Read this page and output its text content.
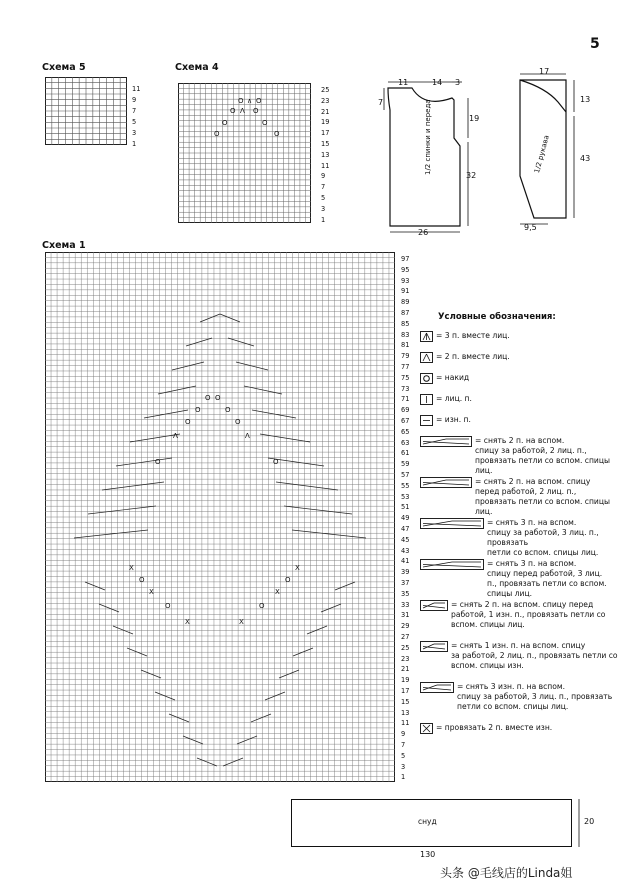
5
Схема 5
11
9
7
5
3
1
Схема 4
O ∧ O
O Λ O
O	O
O	O
25
23
21
19
17
15
13
11
9
7
5
3
1
11	14 3
7
19
32
26
1/2 спинки и переда
17
13
43
9,5
1/2 рукава
Схема 1
O O
O	O
O	O
Λ	Λ
O	O
X	X
O	O
X	X
O	O
X	X
97
95
93
91
89
87
85
83
81
79
77
75
73
71
69
67
65
63
61
59
57
55
53
51
49
47
45
43
41
39
37
35
33
31
29
27
25
23
21
19
17
15
13
11
9
7
5
3
1
Условные обозначения:
= 3 п. вместе лиц.
= 2 п. вместе лиц.
= накид
= лиц. п.
= изн. п.
= снять 2 п. на вспом.
спицу за работой, 2 лиц. п.,
провязать петли со вспом. спицы лиц.
= снять 2 п. на вспом. спицу
перед работой, 2 лиц. п.,
провязать петли со вспом. спицы лиц.
= снять 3 п. на вспом.
спицу за работой, 3 лиц. п., провязать
петли со вспом. спицы лиц.
= снять 3 п. на вспом.
спицу перед работой, 3 лиц.
п., провязать петли со вспом. спицы лиц.
= снять 2 п. на вспом. спицу перед
работой, 1 изн. п., провязать петли со
вспом. спицы лиц.
= снять 1 изн. п. на вспом. спицу
за работой, 2 лиц. п., провязать петли со
вспом. спицы изн.
= снять 3 изн. п. на вспом.
спицу за работой, 3 лиц. п., провязать
петли со вспом. спицы лиц.
= провязать 2 п. вместе изн.
снуд	20
130
头条 @毛线店的Linda姐
